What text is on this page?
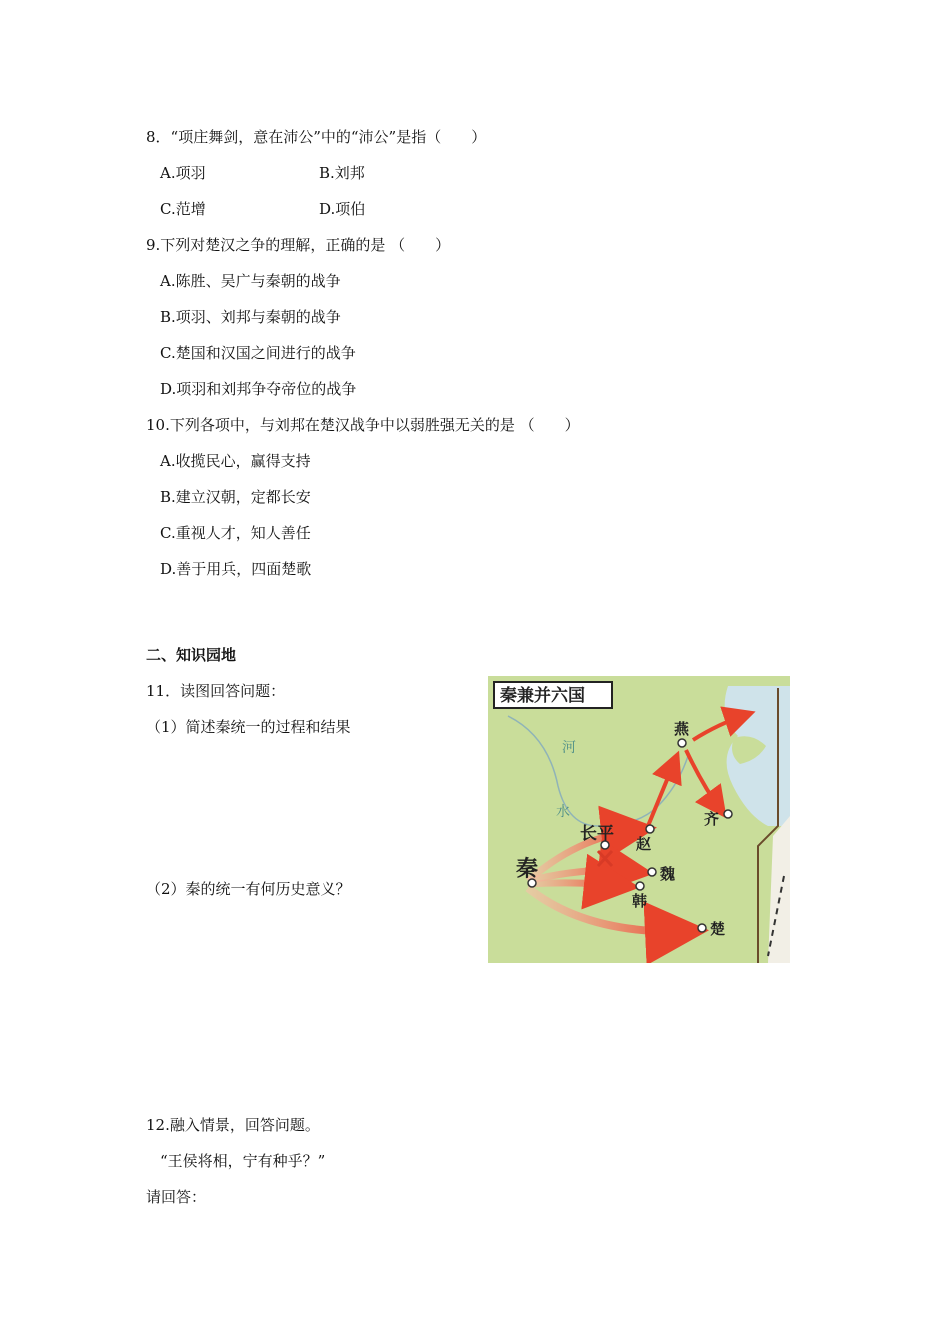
8．“项庄舞剑，意在沛公”中的“沛公”是指（　　）
A.项羽	B.刘邦
C.范增	D.项伯
9.下列对楚汉之争的理解，正确的是 （　　）
A.陈胜、吴广与秦朝的战争
B.项羽、刘邦与秦朝的战争
C.楚国和汉国之间进行的战争
D.项羽和刘邦争夺帝位的战争
10.下列各项中，与刘邦在楚汉战争中以弱胜强无关的是 （　　）
A.收揽民心，赢得支持
B.建立汉朝，定都长安
C.重视人才，知人善任
D.善于用兵，四面楚歌
二、知识园地
11．读图回答问题：
（1）简述秦统一的过程和结果
（2）秦的统一有何历史意义？
秦兼并六国
燕
齐
长平 赵
秦	魏
韩
楚
河
水
12.融入情景，回答问题。
“王侯将相，宁有种乎？”
请回答：
